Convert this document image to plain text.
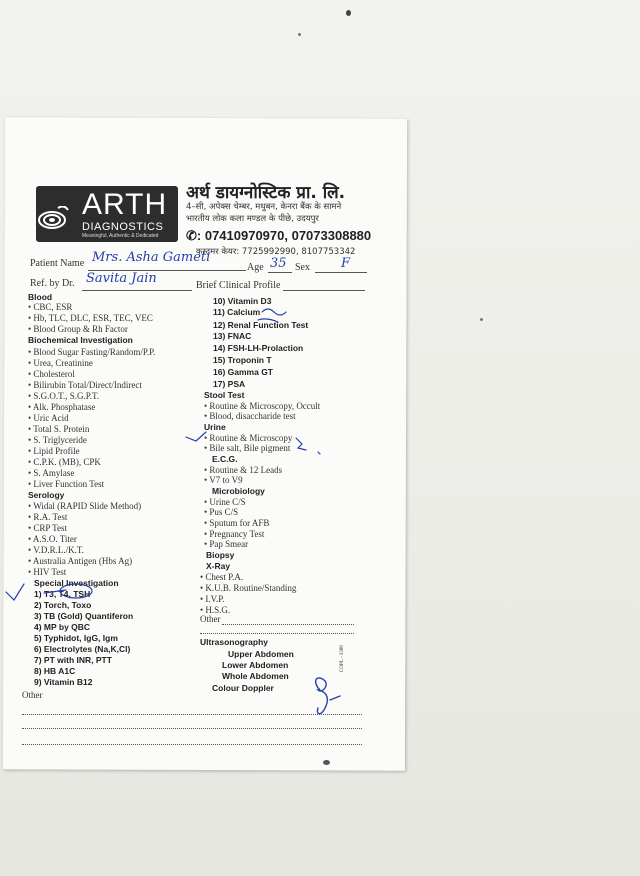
ARTH
DIAGNOSTICS
Meaningful, Authentic & Dedicated
अर्थ डायग्नोस्टिक प्रा. लि.
4–सी, अपेक्स चेम्बर, मधुबन, केनरा बैंक के सामने
भारतीय लोक कला मण्डल के पीछे, उदयपुर
✆: 07410970970, 07073308880
कस्टमर केयर: 7725992990, 8107753342
Patient Name Mrs. Asha Gameti
Age 35 Sex F
Ref. by Dr. Savita Jain	Brief Clinical Profile
Blood
• CBC, ESR
• Hb, TLC, DLC, ESR, TEC, VEC
• Blood Group & Rh Factor
Biochemical Investigation
• Blood Sugar Fasting/Random/P.P.
• Urea, Creatinine
• Cholesterol
• Bilirubin Total/Direct/Indirect
• S.G.O.T., S.G.P.T.
• Alk. Phosphatase
• Uric Acid
• Total S. Protein
• S. Triglyceride
• Lipid Profile
• C.P.K. (MB), CPK
• S. Amylase
• Liver Function Test
Serology
• Widal (RAPID Slide Method)
• R.A. Test
• CRP Test
• A.S.O. Titer
• V.D.R.L./K.T.
• Australia Antigen (Hbs Ag)
• HIV Test
Special Investigation
1) T3, T4, TSH
2) Torch, Toxo
3) TB (Gold) Quantiferon
4) MP by QBC
5) Typhidot, IgG, Igm
6) Electrolytes (Na,K,Cl)
7) PT with INR, PTT
8) HB A1C
9) Vitamin B12
Other
10) Vitamin D3
11) Calcium
12) Renal Function Test
13) FNAC
14) FSH-LH-Prolaction
15) Troponin T
16) Gamma GT
17) PSA
Stool Test
• Routine & Microscopy, Occult
• Blood, disaccharide test
Urine
• Routine & Microscopy
• Bile salt, Bile pigment
E.C.G.
• Routine & 12 Leads
• V7 to V9
Microbiology
• Urine C/S
• Pus C/S
• Sputum for AFB
• Pregnancy Test
• Pap Smear
Biopsy
X-Ray
• Chest P.A.
• K.U.B. Routine/Standing
• I.V.P.
• H.S.G.
Other
Ultrasonography
Upper Abdomen
Lower Abdomen
Whole Abdomen
Colour Doppler
COPL - 3388
